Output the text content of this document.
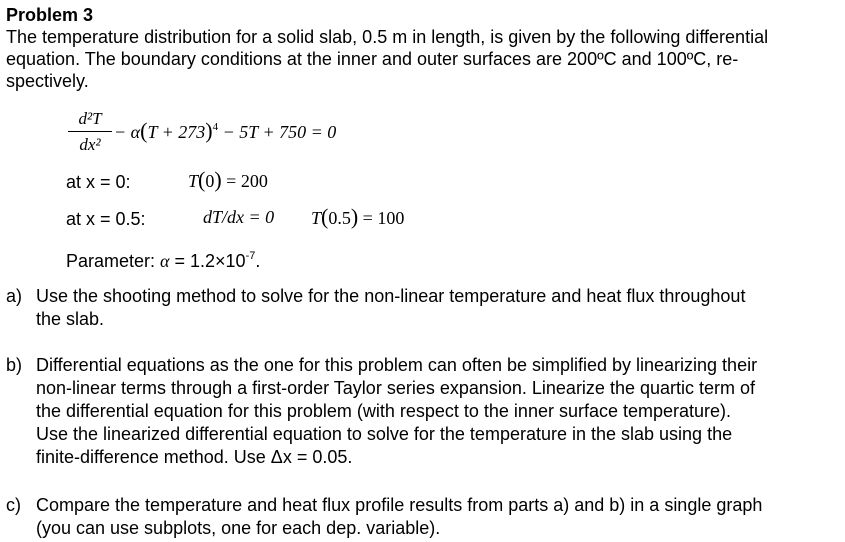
Problem 3

The temperature distribution for a solid slab, 0.5 m in length, is given by the following differential

equation. The boundary conditions at the inner and outer surfaces are 200ºC and 100ºC, re-

spectively.

d²T
dx²
− $\alpha(T + 273)^4 - 5T + 750 = 0$
at x = 0:	T(0) = 200
at x = 0.5:	dT/dx = 0 T(0.5) = 100
Parameter: $\alpha = 1.2\times 10^{-7}$.
a) Use the shooting method to solve for the non-linear temperature and heat flux throughout
the slab.
b) Differential equations as the one for this problem can often be simplified by linearizing their
non-linear terms through a first-order Taylor series expansion. Linearize the quartic term of
the differential equation for this problem (with respect to the inner surface temperature).
Use the linearized differential equation to solve for the temperature in the slab using the
finite-difference method. Use Δx = 0.05.
c) Compare the temperature and heat flux profile results from parts a) and b) in a single graph
(you can use subplots, one for each dep. variable).
